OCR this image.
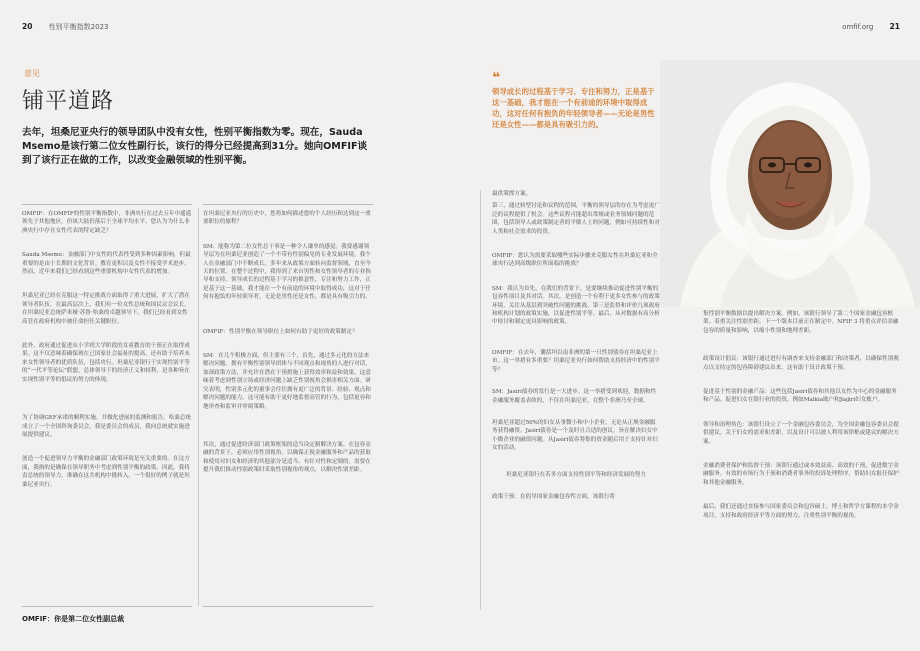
20 性别平衡指数2023	omfif.org 21
意见
铺平道路
去年，坦桑尼亚央行的领导团队中没有女性，性别平衡指数为零。现在，Sauda Msemo是该行第二位女性副行长，该行的得分已经提高到31分。她向OMFIF谈到了该行正在做的工作，以改变金融领域的性别平衡。

OMFIF：在OMFIF的性别平衡指数中，非洲央行在过去五年中遥遥领先于其他地区，但该大陆仍落后于全球平均水平。您认为为什么非洲央行中存在女性代表的特定缺乏？

Sauda Msemo：金融部门中女性的代表性受到多种因素影响，但最重要的是由于长期的文化背景。教育更积以及女性不接受学术进步。然而，近年来我们已经看到这些重要机构中女性代表的增加。

坦桑尼亚已经在克服这一特定挑战方面取得了重大进展，扩大了潜在领导者队伍。在最高层次上，我们有一位女性总统和国民议会议长。在坦桑尼亚总统萨米娅·苏鲁·哈桑的卓越领导下，我们已经看到女性高管在政府机构中被任命担任关键职位。

此外，政府通过促进从小学到大学阶段的女童教育的干预正在取得成果。这不仅意味着确保现在已国家社会福祉的提高，还有助于培养未来女性领导者的优质队伍，包括央行。坦桑尼亚银行于实现性别平等的“一代平等论坛”联盟，总体领导下的经济正义和权利，是各种旨在实现性别平等的倡议的努力的体现。

为了协调GEF承诺的顺利实施，并做化进展的监测和报告，哈桑总统成立了一个全国咨询委员会。我是委员会的成员，我向总统就实施进展提供建议。

创造一个促进领导力平衡的金融部门政策环境是至关重要的。在这方面，我指的是确保在领导职务中考虑到性别平衡的政策。因此，我将责总统的领导力，准确在这共机构中挑转入。一个很好的例子就是坦桑尼亚央行。

在坦桑尼亚央行的历史中，您将如何描述您的个人经历和达到这一重要职位的旅程？

SM：能称为第二位女性总干事是一种令人谦卑的感觉。我要感谢领导层为在坦桑尼亚创造了一个不带有性别偏见的专业发展环境。我个人在金融部门中不断成长。多年来从政策方面转向监督领域，直至今天的位置。在整个过程中，我得到了来自男性和女性领导者的专业指导和支持。领导成长的过程基于学习的推意性，专注和努力工作，正是基于这一基础，我才能在一个有前途的环境中取得成功，这对于任何有抱负的年轻领导者，无论是男性还是女性，都是具有吸引力的。

OMFIF：性别平衡在领导职位上如何有助于更好的政策制定？

SM：在几个积极方面，但主要有三个，首先，通过多元化的方法来解决问题。拥有平衡性别领导团体与不同观点和视角的人进行对话，加深政策方法，并允许在潜在干预措施上获得效率和益和效果。这意味着考虑到性别立场或经济问题上缺乏性别视角会损害相关方面。研究表明，性别多元化的董事会往往拥有更广泛的背景、经验、观点和解决问题的能力，这可能有助于更好地监督高管的行为，包括更容和地审查和监审并审阅策略。

其次，通过促进经济部门政策框架的适当设定制解决方案。在包容金融的背景下，必须应用性别视角，以确保正视金融服务和产品的获取和使用对妇女和经济的其他部分是适当、有针对性和定制的。需要在提升我们推动性别政策时采取性别视角的观点，以解决性别差距。

❝
领导成长的过程基于学习、专注和努力，正是基于这一基础，我才能在一个有前途的环境中取得成功，这对任何有抱负的年轻领导者——无论是男性还是女性——都是具有吸引力的。

最供策撑方案。

第三，通过转型讨论和议程的范围，平衡的领导层的存在为考虑更广泛的议程提供了机会。这些议程可能超出常规或业务领域问题的范围，包括领导人或政策制定者的平敏人士的问题，例如可持续性和对人类和社会需求的投资。

OMFIF：您认为需要采取哪些实际步骤来克服女性在坦桑尼亚和全球央行达到高级职位所面临的挑战？

SM：我认为首先，在我们的背景下，是要继续推动促进性别平衡的包容性项目及其对话。其次，是创造一个有利于更多女性参与的政策环境，关注从基层到突破性问题的挑战。第三是监督和评价几项政府和机构计划的政策实施，以促进性别平等。最后，从对数据有高分析中检讨和制定更具影响的政策。

OMFIF：在去年，囊括坦以南非洲的第一只性别债券在坦桑尼亚上市。这一举措有多重要？坦桑尼亚央行如何帮助支持经济中的性别平等？

SM：Jasiri债券的发行是一大进步。这一举措受到欢迎，数据和性金融服务覆盖表收的，不仅在坦桑尼亚，在整个非洲乃至全球。

坦桑尼亚超过50%的妇女从事微小和中小企业。无论从正规金融服务获得融资。Jasiri债券是一个及时且合适的创议，旨在解决妇女中小微企业的融资问题。从Jasiri债券筹集的资金随后用于支持针对妇女的活动。

坦桑尼亚银行在若多方面支持性别平等和经济发展的努力

政策干预：在倡导国家金融包容性方面，该银行将

集性别平衡数据以提出解决方案。例如，该银行领导了第二个国家金融包容框架。着重关注性别差距。下一个版本目前正在制定中。NFIF 3 将重点评估金融包容的质量和影响，以缩小性别和地理差距。

政策设计倡议：该银行通过进行有调查来支持金融部门和决策者，以确保性别观点以支持定的包容障碍建议出来。这有助于设计政策干预。

促进基于性别的金融产品：这些包括Jasiri债券和其他以女性为中心的金融服务和产品。促进妇女在银行业的投资，例如Malkia账户和Jiajiri妇女账户。

领导和治理角色：该银行设立了一个金融包容委员会，为全国金融包容委员会提供建议。关于妇女的需求和差距，以及设计可以被人利用该律框或建议的解决方案。

金融消费者保护和监督干预：该银行通过或本效益高、高效的干预，促进数字金融服务。有效的市场行为干预和消费者事务的投诉处理程序，帮助妇女报任保护和其他金融服务。

最后，我们还通过直接参与国家委员会和包容硕士、博士和哲学方课程的本学金项目，支持和政府经济平等方面的努力，注重性别平衡的视角。

OMFIF：你是第二位女性副总裁
